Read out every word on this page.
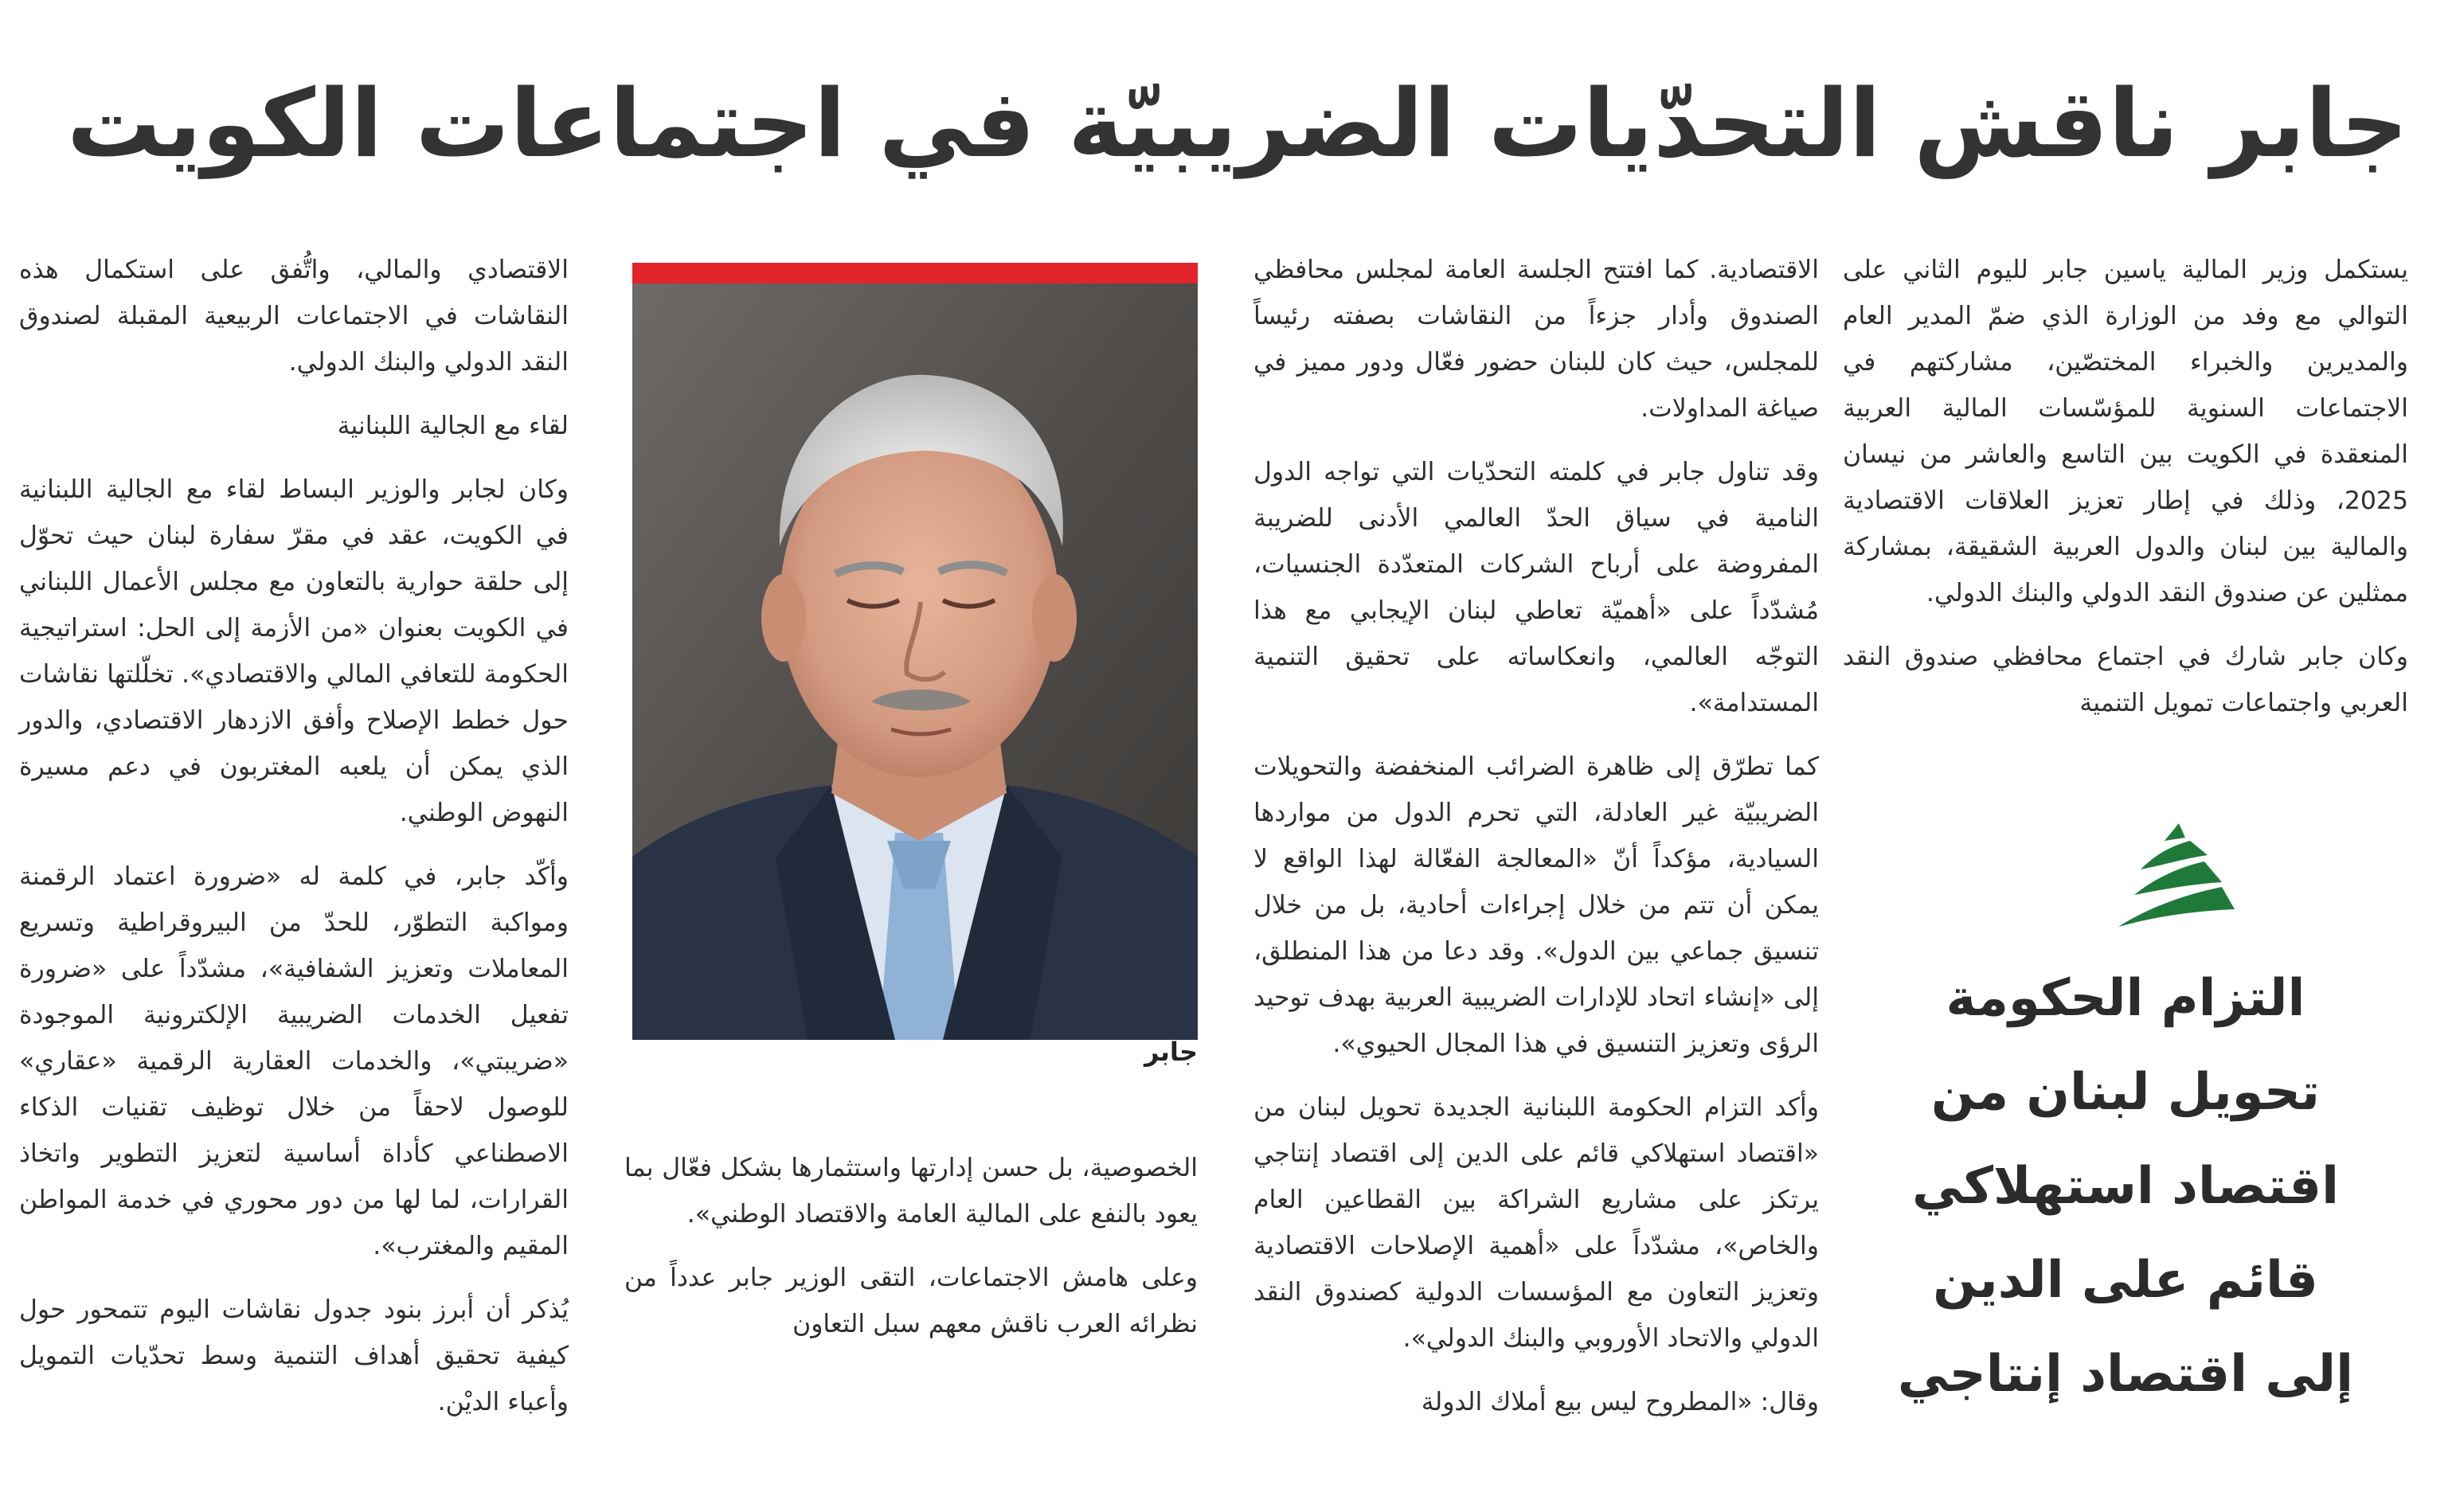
جابر ناقش التحدّيات الضريبيّة في اجتماعات الكويت

يستكمل وزير المالية ياسين جابر لليوم الثاني على التوالي مع وفد من الوزارة الذي ضمّ المدير العام والمديرين والخبراء المختصّين، مشاركتهم في الاجتماعات السنوية للمؤسّسات المالية العربية المنعقدة في الكويت بين التاسع والعاشر من نيسان 2025، وذلك في إطار تعزيز العلاقات الاقتصادية والمالية بين لبنان والدول العربية الشقيقة، بمشاركة ممثلين عن صندوق النقد الدولي والبنك الدولي.

وكان جابر شارك في اجتماع محافظي صندوق النقد العربي واجتماعات تمويل التنمية

التزام الحكومة
تحويل لبنان من
اقتصاد استهلاكي
قائم على الدين
إلى اقتصاد إنتاجي

الاقتصادية. كما افتتح الجلسة العامة لمجلس محافظي الصندوق وأدار جزءاً من النقاشات بصفته رئيساً للمجلس، حيث كان للبنان حضور فعّال ودور مميز في صياغة المداولات.

وقد تناول جابر في كلمته التحدّيات التي تواجه الدول النامية في سياق الحدّ العالمي الأدنى للضريبة المفروضة على أرباح الشركات المتعدّدة الجنسيات، مُشدّداً على «أهميّة تعاطي لبنان الإيجابي مع هذا التوجّه العالمي، وانعكاساته على تحقيق التنمية المستدامة».

كما تطرّق إلى ظاهرة الضرائب المنخفضة والتحويلات الضريبيّة غير العادلة، التي تحرم الدول من مواردها السيادية، مؤكداً أنّ «المعالجة الفعّالة لهذا الواقع لا يمكن أن تتم من خلال إجراءات أحادية، بل من خلال تنسيق جماعي بين الدول». وقد دعا من هذا المنطلق، إلى «إنشاء اتحاد للإدارات الضريبية العربية بهدف توحيد الرؤى وتعزيز التنسيق في هذا المجال الحيوي».

وأكد التزام الحكومة اللبنانية الجديدة تحويل لبنان من «اقتصاد استهلاكي قائم على الدين إلى اقتصاد إنتاجي يرتكز على مشاريع الشراكة بين القطاعين العام والخاص»، مشدّداً على «أهمية الإصلاحات الاقتصادية وتعزيز التعاون مع المؤسسات الدولية كصندوق النقد الدولي والاتحاد الأوروبي والبنك الدولي».

وقال: «المطروح ليس بيع أملاك الدولة

جابر

الخصوصية، بل حسن إدارتها واستثمارها بشكل فعّال بما يعود بالنفع على المالية العامة والاقتصاد الوطني».

وعلى هامش الاجتماعات، التقى الوزير جابر عدداً من نظرائه العرب ناقش معهم سبل التعاون

الاقتصادي والمالي، واتُّفق على استكمال هذه النقاشات في الاجتماعات الربيعية المقبلة لصندوق النقد الدولي والبنك الدولي.

لقاء مع الجالية اللبنانية

وكان لجابر والوزير البساط لقاء مع الجالية اللبنانية في الكويت، عقد في مقرّ سفارة لبنان حيث تحوّل إلى حلقة حوارية بالتعاون مع مجلس الأعمال اللبناني في الكويت بعنوان «من الأزمة إلى الحل: استراتيجية الحكومة للتعافي المالي والاقتصادي». تخلّلتها نقاشات حول خطط الإصلاح وأفق الازدهار الاقتصادي، والدور الذي يمكن أن يلعبه المغتربون في دعم مسيرة النهوض الوطني.

وأكّد جابر، في كلمة له «ضرورة اعتماد الرقمنة ومواكبة التطوّر، للحدّ من البيروقراطية وتسريع المعاملات وتعزيز الشفافية»، مشدّداً على «ضرورة تفعيل الخدمات الضريبية الإلكترونية الموجودة «ضريبتي»، والخدمات العقارية الرقمية «عقاري» للوصول لاحقاً من خلال توظيف تقنيات الذكاء الاصطناعي كأداة أساسية لتعزيز التطوير واتخاذ القرارات، لما لها من دور محوري في خدمة المواطن المقيم والمغترب».

يُذكر أن أبرز بنود جدول نقاشات اليوم تتمحور حول كيفية تحقيق أهداف التنمية وسط تحدّيات التمويل وأعباء الديْن.
